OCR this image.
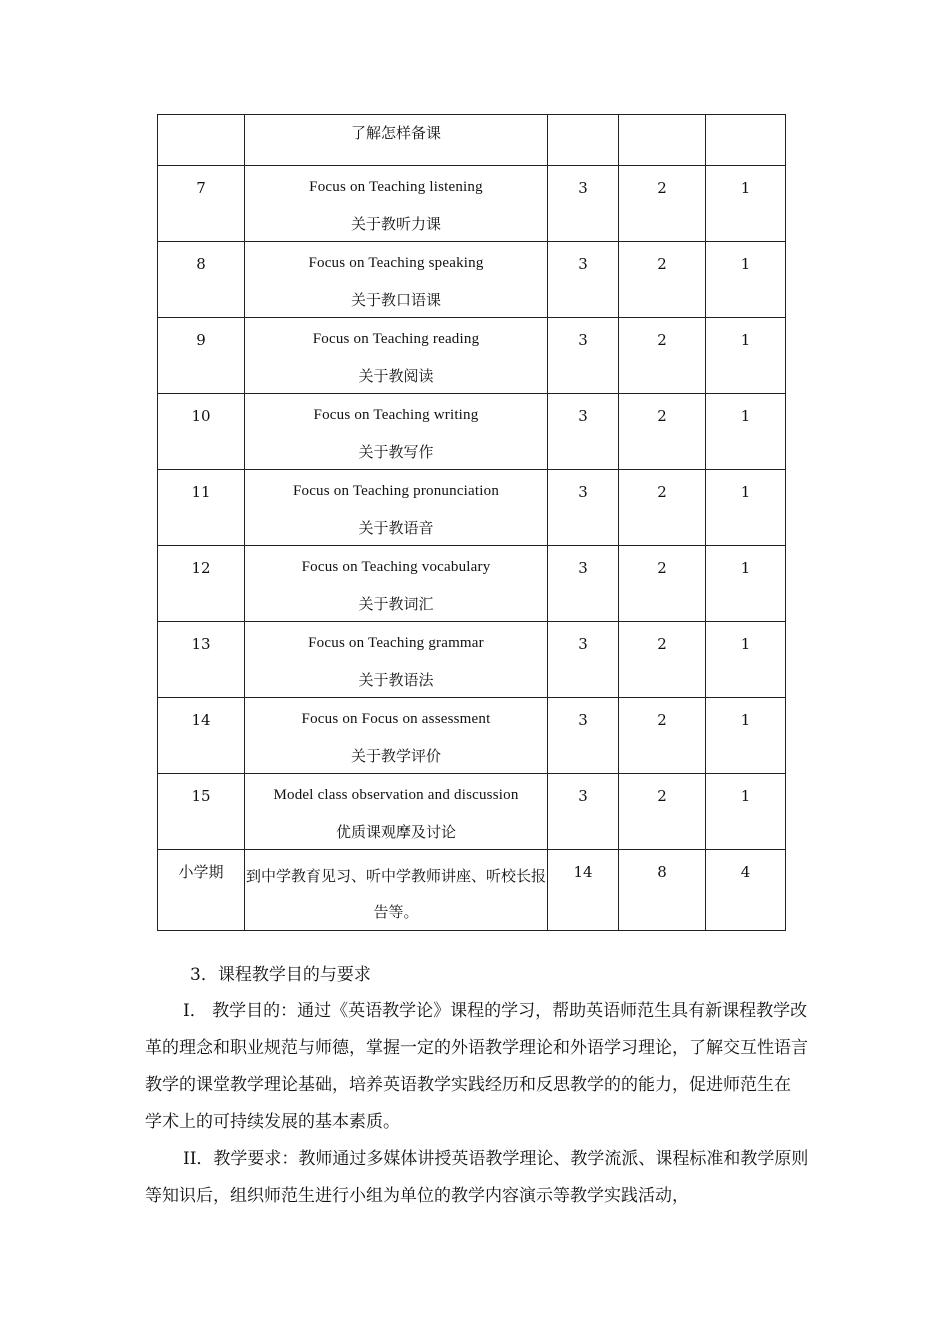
	了解怎样备课			

7	Focus on Teaching listening
关于教听力课	3	2	1

8	Focus on Teaching speaking
关于教口语课	3	2	1

9	Focus on Teaching reading
关于教阅读	3	2	1

10	Focus on Teaching writing
关于教写作	3	2	1

11	Focus on Teaching pronunciation
关于教语音	3	2	1

12	Focus on Teaching vocabulary
关于教词汇	3	2	1

13	Focus on Teaching grammar
关于教语法	3	2	1

14	Focus on Focus on assessment
关于教学评价	3	2	1

15	Model class observation and discussion
优质课观摩及讨论	3	2	1

小学期	到中学教育见习、听中学教师讲座、听校长报告等。	14	8	4
3．课程教学目的与要求
I． 教学目的：通过《英语教学论》课程的学习，帮助英语师范生具有新课程教学改革的理念和职业规范与师德，掌握一定的外语教学理论和外语学习理论，了解交互性语言教学的课堂教学理论基础，培养英语教学实践经历和反思教学的的能力，促进师范生在 学术上的可持续发展的基本素质。
II．教学要求：教师通过多媒体讲授英语教学理论、教学流派、课程标准和教学原则等知识后，组织师范生进行小组为单位的教学内容演示等教学实践活动，
